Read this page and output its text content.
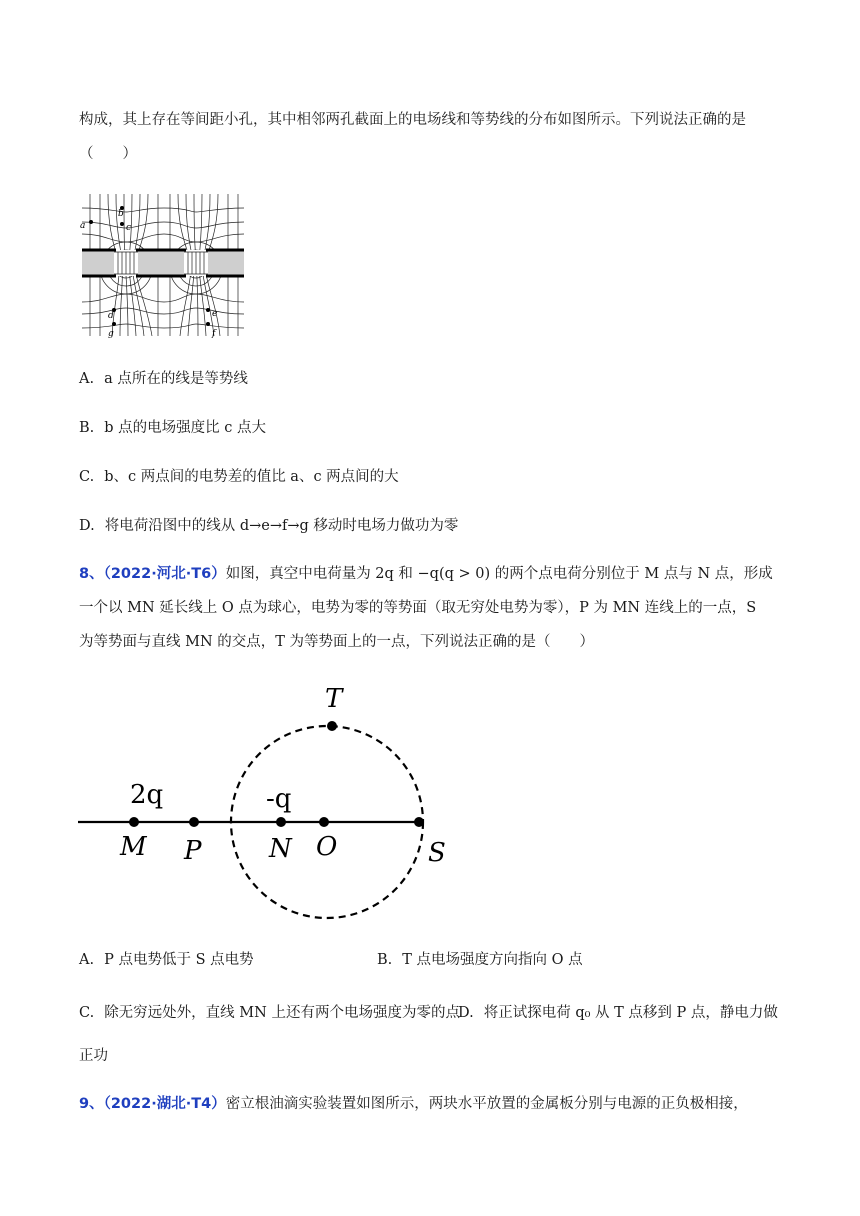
构成，其上存在等间距小孔，其中相邻两孔截面上的电场线和等势线的分布如图所示。下列说法正确的是
（　　）
a
b
c
d	e
f
g
A. a 点所在的线是等势线
B. b 点的电场强度比 c 点大
C. b、c 两点间的电势差的值比 a、c 两点间的大
D. 将电荷沿图中的线从 d→e→f→g 移动时电场力做功为零
8、（2022·河北·T6）如图，真空中电荷量为 2q 和 −q(q > 0) 的两个点电荷分别位于 M 点与 N 点，形成
一个以 MN 延长线上 O 点为球心，电势为零的等势面（取无穷处电势为零），P 为 MN 连线上的一点，S
为等势面与直线 MN 的交点，T 为等势面上的一点，下列说法正确的是（　　）
2q	-q
M P	N O	S
T
A. P 点电势低于 S 点电势	B. T 点电场强度方向指向 O 点
C. 除无穷远处外，直线 MN 上还有两个电场强度为零的点
D. 将正试探电荷 q₀ 从 T 点移到 P 点，静电力做
正功
9、（2022·湖北·T4）密立根油滴实验装置如图所示，两块水平放置的金属板分别与电源的正负极相接，
